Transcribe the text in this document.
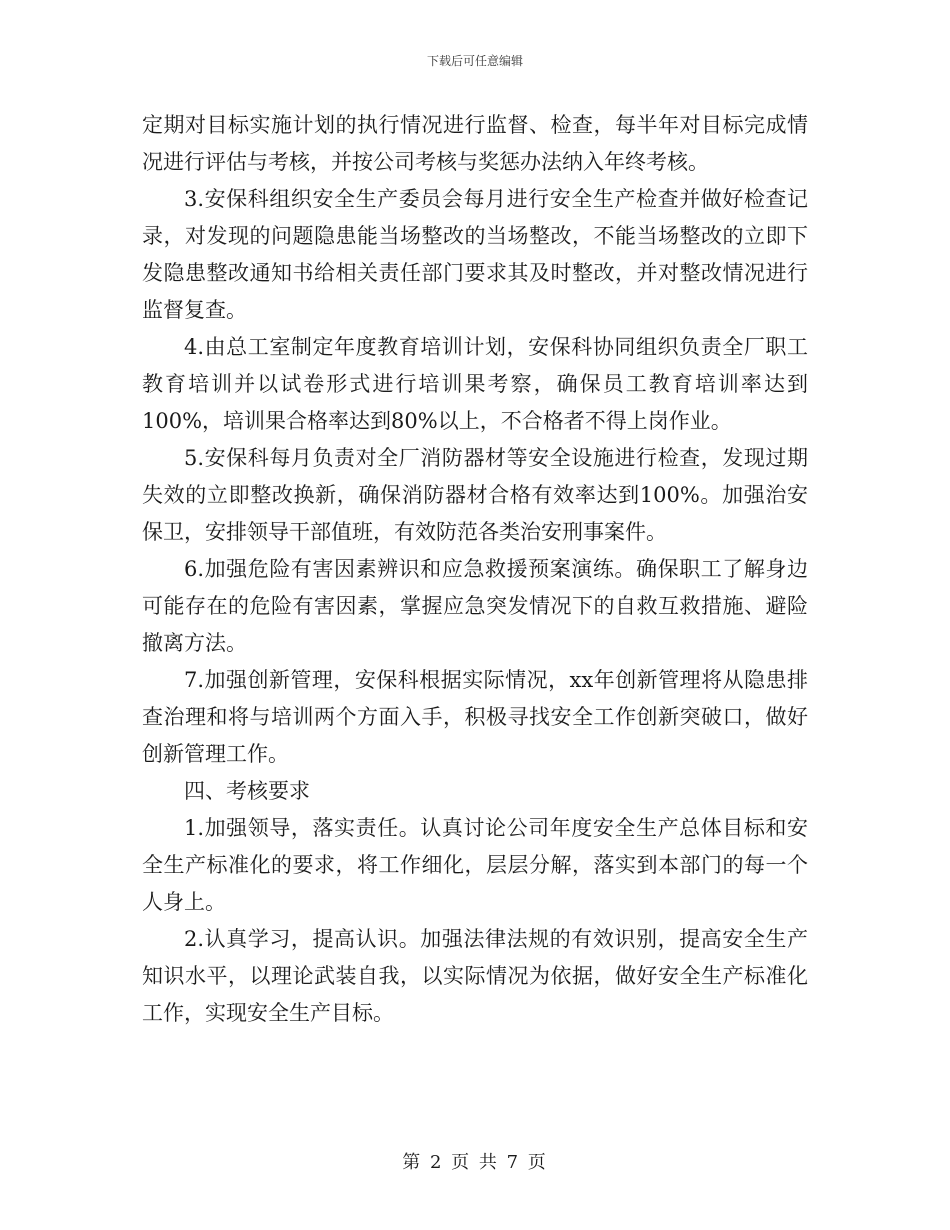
下载后可任意编辑

定期对目标实施计划的执行情况进行监督、检查，每半年对目标完成情况进行评估与考核，并按公司考核与奖惩办法纳入年终考核。

3.安保科组织安全生产委员会每月进行安全生产检查并做好检查记录，对发现的问题隐患能当场整改的当场整改，不能当场整改的立即下发隐患整改通知书给相关责任部门要求其及时整改，并对整改情况进行监督复查。

4.由总工室制定年度教育培训计划，安保科协同组织负责全厂职工教育培训并以试卷形式进行培训果考察，确保员工教育培训率达到100%，培训果合格率达到80%以上，不合格者不得上岗作业。

5.安保科每月负责对全厂消防器材等安全设施进行检查，发现过期失效的立即整改换新，确保消防器材合格有效率达到100%。加强治安保卫，安排领导干部值班，有效防范各类治安刑事案件。

6.加强危险有害因素辨识和应急救援预案演练。确保职工了解身边可能存在的危险有害因素，掌握应急突发情况下的自救互救措施、避险撤离方法。

7.加强创新管理，安保科根据实际情况，xx年创新管理将从隐患排查治理和将与培训两个方面入手，积极寻找安全工作创新突破口，做好创新管理工作。

四、考核要求

1.加强领导，落实责任。认真讨论公司年度安全生产总体目标和安全生产标准化的要求，将工作细化，层层分解，落实到本部门的每一个人身上。

2.认真学习，提高认识。加强法律法规的有效识别，提高安全生产知识水平，以理论武装自我，以实际情况为依据，做好安全生产标准化工作，实现安全生产目标。

第 2 页 共 7 页
